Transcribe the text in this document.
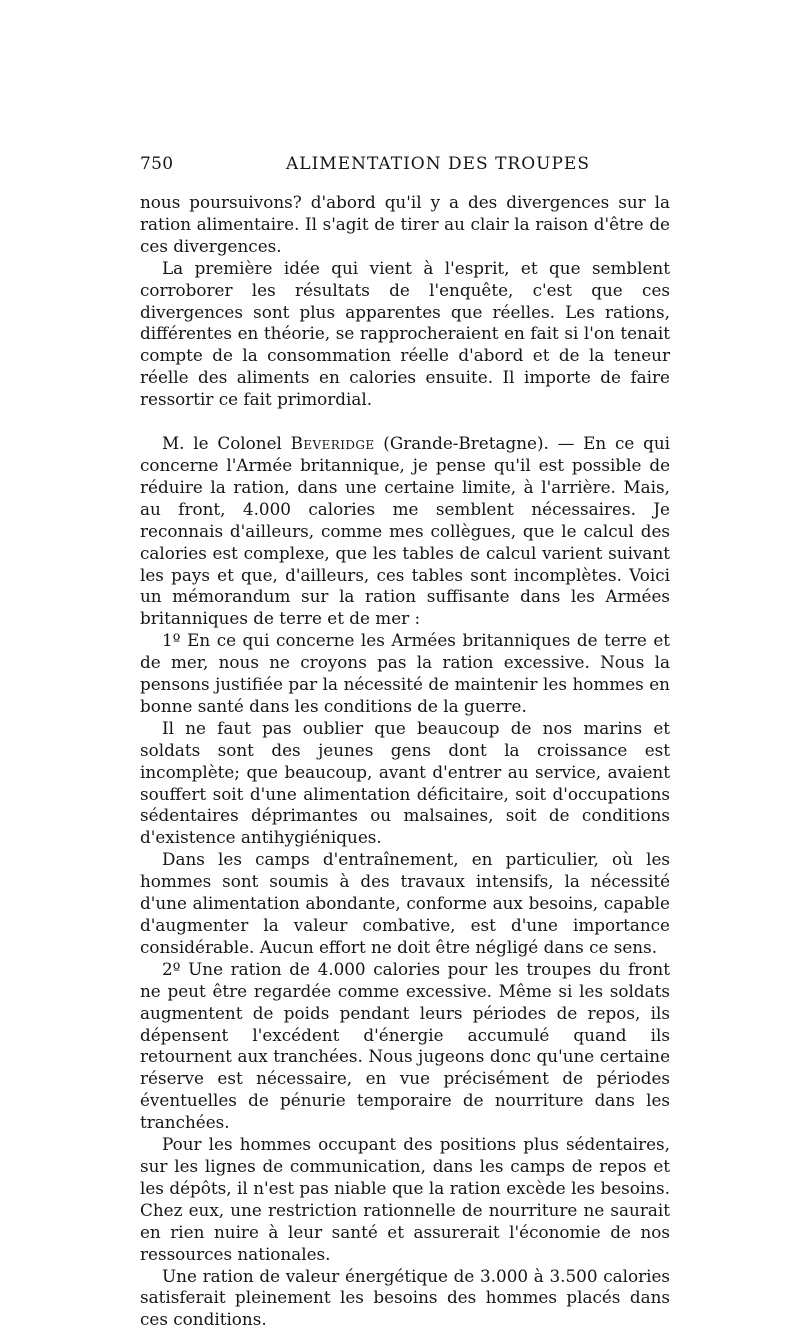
750	ALIMENTATION DES TROUPES

nous poursuivons? d'abord qu'il y a des divergences sur la ration alimentaire. Il s'agit de tirer au clair la raison d'être de ces divergences.

La première idée qui vient à l'esprit, et que semblent corroborer les résultats de l'enquête, c'est que ces divergences sont plus apparentes que réelles. Les rations, différentes en théorie, se rapprocheraient en fait si l'on tenait compte de la consommation réelle d'abord et de la teneur réelle des aliments en calories ensuite. Il importe de faire ressortir ce fait primordial.

M. le Colonel Beveridge (Grande-Bretagne). — En ce qui concerne l'Armée britannique, je pense qu'il est possible de réduire la ration, dans une certaine limite, à l'arrière. Mais, au front, 4.000 calories me semblent nécessaires. Je reconnais d'ailleurs, comme mes collègues, que le calcul des calories est complexe, que les tables de calcul varient suivant les pays et que, d'ailleurs, ces tables sont incomplètes. Voici un mémorandum sur la ration suffisante dans les Armées britanniques de terre et de mer :

1º En ce qui concerne les Armées britanniques de terre et de mer, nous ne croyons pas la ration excessive. Nous la pensons justifiée par la nécessité de maintenir les hommes en bonne santé dans les conditions de la guerre.

Il ne faut pas oublier que beaucoup de nos marins et soldats sont des jeunes gens dont la croissance est incomplète; que beaucoup, avant d'entrer au service, avaient souffert soit d'une alimentation déficitaire, soit d'occupations sédentaires déprimantes ou malsaines, soit de conditions d'existence antihygiéniques.

Dans les camps d'entraînement, en particulier, où les hommes sont soumis à des travaux intensifs, la nécessité d'une alimentation abondante, conforme aux besoins, capable d'augmenter la valeur combative, est d'une importance considérable. Aucun effort ne doit être négligé dans ce sens.

2º Une ration de 4.000 calories pour les troupes du front ne peut être regardée comme excessive. Même si les soldats augmentent de poids pendant leurs périodes de repos, ils dépensent l'excédent d'énergie accumulé quand ils retournent aux tranchées. Nous jugeons donc qu'une certaine réserve est nécessaire, en vue précisément de périodes éventuelles de pénurie temporaire de nourriture dans les tranchées.

Pour les hommes occupant des positions plus sédentaires, sur les lignes de communication, dans les camps de repos et les dépôts, il n'est pas niable que la ration excède les besoins. Chez eux, une restriction rationnelle de nourriture ne saurait en rien nuire à leur santé et assurerait l'économie de nos ressources nationales.

Une ration de valeur énergétique de 3.000 à 3.500 calories satisferait pleinement les besoins des hommes placés dans ces conditions.
